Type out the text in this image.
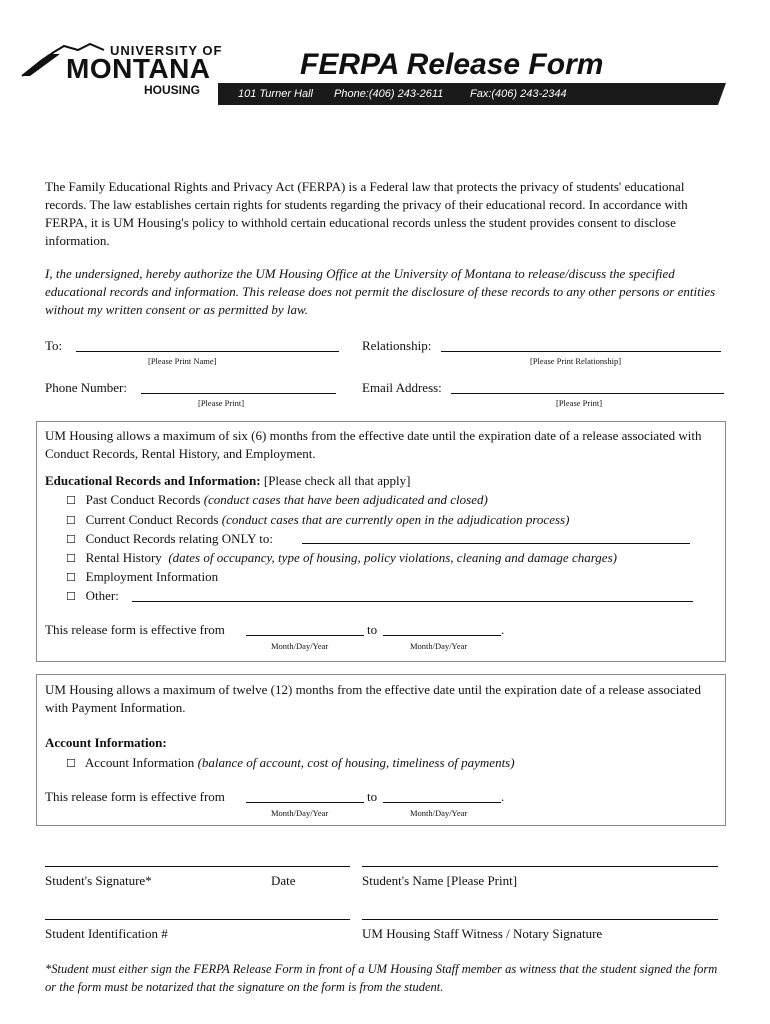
UNIVERSITY OF
MONTANA
HOUSING
FERPA Release Form
101 Turner Hall Phone:(406) 243-2611 Fax:(406) 243-2344
The Family Educational Rights and Privacy Act (FERPA) is a Federal law that protects the privacy of students' educational records. The law establishes certain rights for students regarding the privacy of their educational record. In accordance with FERPA, it is UM Housing's policy to withhold certain educational records unless the student provides consent to disclose information.
I, the undersigned, hereby authorize the UM Housing Office at the University of Montana to release/discuss the specified educational records and information. This release does not permit the disclosure of these records to any other persons or entities without my written consent or as permitted by law.
To:
[Please Print Name]
Relationship:
[Please Print Relationship]
Phone Number:
[Please Print]
Email Address:
[Please Print]
UM Housing allows a maximum of six (6) months from the effective date until the expiration date of a release associated with Conduct Records, Rental History, and Employment.
Educational Records and Information: [Please check all that apply]
☐ Past Conduct Records (conduct cases that have been adjudicated and closed)
☐ Current Conduct Records (conduct cases that are currently open in the adjudication process)
☐ Conduct Records relating ONLY to:
☐ Rental History (dates of occupancy, type of housing, policy violations, cleaning and damage charges)
☐ Employment Information
☐ Other:
This release form is effective from	to	.
Month/Day/Year	Month/Day/Year
UM Housing allows a maximum of twelve (12) months from the effective date until the expiration date of a release associated with Payment Information.
Account Information:
☐ Account Information (balance of account, cost of housing, timeliness of payments)
This release form is effective from	to	.
Month/Day/Year	Month/Day/Year
Student's Signature*	Date	Student's Name [Please Print]
Student Identification #	UM Housing Staff Witness / Notary Signature
*Student must either sign the FERPA Release Form in front of a UM Housing Staff member as witness that the student signed the form or the form must be notarized that the signature on the form is from the student.
